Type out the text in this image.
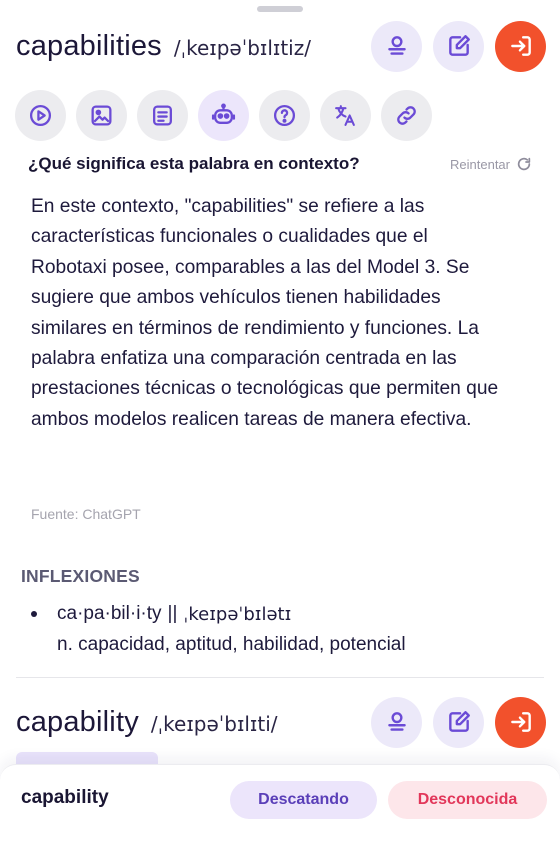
capabilities /ˌkeɪpəˈbɪlɪtiz/
¿Qué significa esta palabra en contexto?	Reintentar

En este contexto, "capabilities" se refiere a las características funcionales o cualidades que el Robotaxi posee, comparables a las del Model 3. Se sugiere que ambos vehículos tienen habilidades similares en términos de rendimiento y funciones. La palabra enfatiza una comparación centrada en las prestaciones técnicas o tecnológicas que permiten que ambos modelos realicen tareas de manera efectiva.

Fuente: ChatGPT

INFLEXIONES
ca·pa·bil·i·ty || ˌkeɪpəˈbɪlətɪ
n. capacidad, aptitud, habilidad, potencial
capability /ˌkeɪpəˈbɪlɪti/
capability	Descatando	Desconocida
